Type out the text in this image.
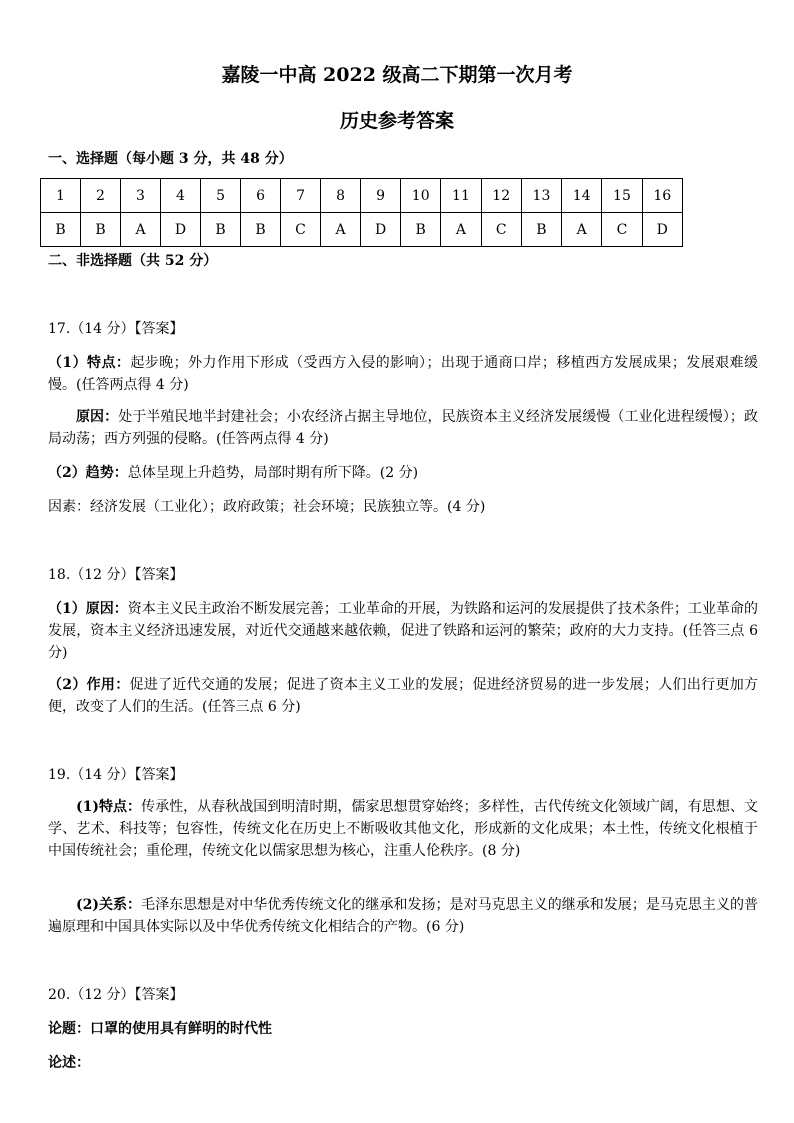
嘉陵一中高 2022 级高二下期第一次月考
历史参考答案
一、选择题（每小题 3 分，共 48 分）
1	2	3	4	5	6	7	8	9	10	11	12	13	14	15	16
B	B	A	D	B	B	C	A	D	B	A	C	B	A	C	D
二、非选择题（共 52 分）
17.（14 分）【答案】
（1）特点：起步晚；外力作用下形成（受西方入侵的影响）；出现于通商口岸；移植西方发展成果；发展艰难缓慢。(任答两点得 4 分)
原因：处于半殖民地半封建社会；小农经济占据主导地位，民族资本主义经济发展缓慢（工业化进程缓慢）；政局动荡；西方列强的侵略。(任答两点得 4 分)
（2）趋势：总体呈现上升趋势，局部时期有所下降。(2 分)
因素：经济发展（工业化）；政府政策；社会环境；民族独立等。(4 分)
18.（12 分）【答案】
（1）原因：资本主义民主政治不断发展完善；工业革命的开展，为铁路和运河的发展提供了技术条件；工业革命的发展，资本主义经济迅速发展，对近代交通越来越依赖，促进了铁路和运河的繁荣；政府的大力支持。(任答三点 6 分)
（2）作用：促进了近代交通的发展；促进了资本主义工业的发展；促进经济贸易的进一步发展；人们出行更加方便，改变了人们的生活。(任答三点 6 分)
19.（14 分）【答案】
(1)特点：传承性，从春秋战国到明清时期，儒家思想贯穿始终；多样性，古代传统文化领域广阔，有思想、文学、艺术、科技等；包容性，传统文化在历史上不断吸收其他文化，形成新的文化成果；本土性，传统文化根植于中国传统社会；重伦理，传统文化以儒家思想为核心，注重人伦秩序。(8 分)
(2)关系：毛泽东思想是对中华优秀传统文化的继承和发扬；是对马克思主义的继承和发展；是马克思主义的普遍原理和中国具体实际以及中华优秀传统文化相结合的产物。(6 分)
20.（12 分）【答案】
论题：口罩的使用具有鲜明的时代性
论述：
